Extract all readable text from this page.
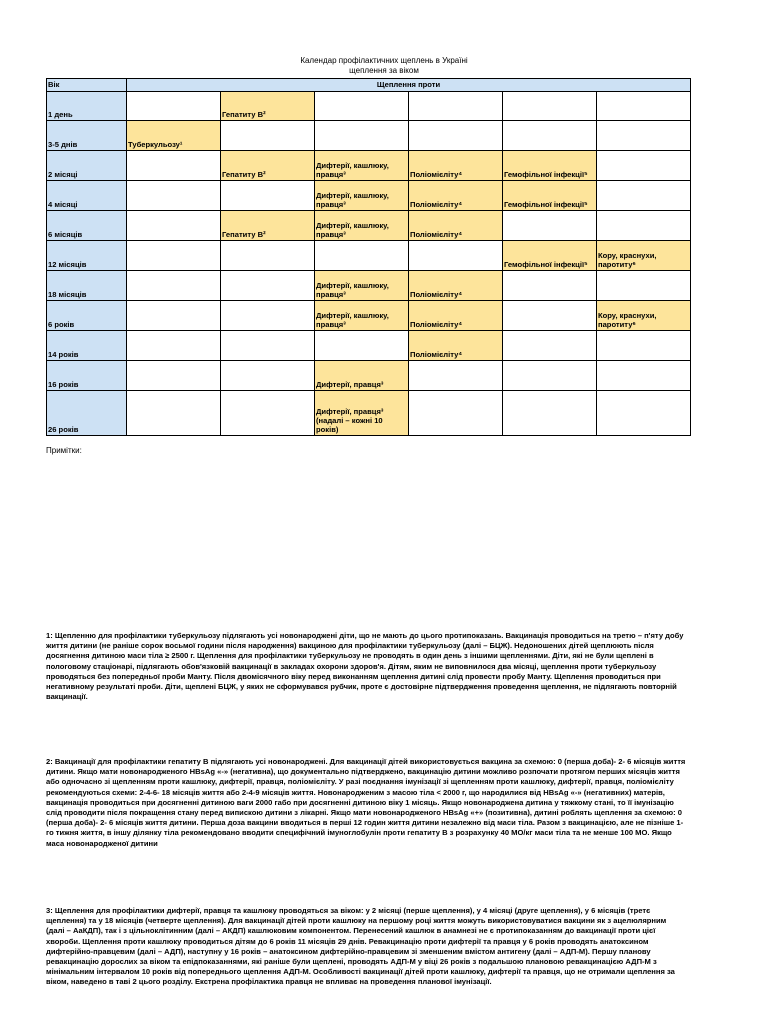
Календар профілактичних щеплень в Україні
щеплення за віком
Вік	Щеплення проти					
1 день		Гепатиту В²				
3-5 днів	Туберкульозу¹					
2 місяці		Гепатиту В²	Дифтерії, кашлюку, правця³	Поліомієліту⁴	Гемофільної інфекції⁵	
4 місяці			Дифтерії, кашлюку, правця³	Поліомієліту⁴	Гемофільної інфекції⁵	
6 місяців		Гепатиту В²	Дифтерії, кашлюку, правця³	Поліомієліту⁴		
12 місяців					Гемофільної інфекції⁵	Кору, краснухи, паротиту⁶
18 місяців			Дифтерії, кашлюку, правця³	Поліомієліту⁴		
6 років			Дифтерії, кашлюку, правця³	Поліомієліту⁴		Кору, краснухи, паротиту⁶
14 років				Поліомієліту⁴		
16 років			Дифтерії, правця³			
26 років			Дифтерії, правця³ (надалі – кожні 10 років)			
Примітки:
1: Щепленню для профілактики туберкульозу підлягають усі новонароджені діти, що не мають до цього протипоказань. Вакцинація проводиться на третю – п'яту добу життя дитини (не раніше сорок восьмої години після народження) вакциною для профілактики туберкульозу (далі – БЦЖ). Недоношених дітей щеплюють після досягнення дитиною маси тіла ≥ 2500 г. Щеплення для профілактики туберкульозу не проводять в один день з іншими щепленнями. Діти, які не були щеплені в пологовому стаціонарі, підлягають обов'язковій вакцинації в закладах охорони здоров'я. Дітям, яким не виповнилося два місяці, щеплення проти туберкульозу проводяться без попередньої проби Манту. Після двомісячного віку перед виконанням щеплення дитині слід провести пробу Манту. Щеплення проводиться при негативному результаті проби. Діти, щеплені БЦЖ, у яких не сформувався рубчик, проте є достовірне підтвердження проведення щеплення, не підлягають повторній вакцинації.
2: Вакцинації для профілактики гепатиту В підлягають усі новонароджені. Для вакцинації дітей використовується вакцина за схемою: 0 (перша доба)- 2- 6 місяців життя дитини. Якщо мати новонародженого HBsAg «-» (негативна), що документально підтверджено, вакцинацію дитини можливо розпочати протягом перших місяців життя або одночасно зі щепленням проти кашлюку, дифтерії, правця, поліомієліту. У разі поєднання імунізації зі щепленням проти кашлюку, дифтерії, правця, поліомієліту рекомендуються схеми: 2-4-6- 18 місяців життя або 2-4-9 місяців життя. Новонародженим з масою тіла < 2000 г, що народилися від HBsAg «-» (негативних) матерів, вакцинація проводиться при досягненні дитиною ваги 2000 габо при досягненні дитиною віку 1 місяць. Якщо новонароджена дитина у тяжкому стані, то її імунізацію слід проводити після покращення стану перед випискою дитини з лікарні. Якщо мати новонародженого HBsAg «+» (позитивна), дитині роблять щеплення за схемою: 0 (перша доба)- 2- 6 місяців життя дитини. Перша доза вакцини вводиться в перші 12 годин життя дитини незалежно від маси тіла. Разом з вакцинацією, але не пізніше 1-го тижня життя, в іншу ділянку тіла рекомендовано вводити специфічний імуноглобулін проти гепатиту В з розрахунку 40 МО/кг маси тіла та не менше 100 МО. Якщо маса новонародженої дитини
3: Щеплення для профілактики дифтерії, правця та кашлюку проводяться за віком: у 2 місяці (перше щеплення), у 4 місяці (друге щеплення), у 6 місяців (третє щеплення) та у 18 місяців (четверте щеплення). Для вакцинації дітей проти кашлюку на першому році життя можуть використовуватися вакцини як з ацелюлярним (далі – АаКДП), так і з цільноклітинним (далі – АКДП) кашлюковим компонентом. Перенесений кашлюк в анамнезі не є протипоказанням до вакцинації проти цієї хвороби. Щеплення проти кашлюку проводиться дітям до 6 років 11 місяців 29 днів. Ревакцинацію проти дифтерії та правця у 6 років проводять анатоксином дифтерійно-правцевим (далі – АДП), наступну у 16 років – анатоксином дифтерійно-правцевим зі зменшеним вмістом антигену (далі – АДП-М). Першу планову ревакцинацію дорослих за віком та епідпоказаннями, які раніше були щеплені, проводять АДП-М у віці 26 років з подальшою плановою ревакцинацією АДП-М з мінімальним інтервалом 10 років від попереднього щеплення АДП-М. Особливості вакцинації дітей проти кашлюку, дифтерії та правця, що не отримали щеплення за віком, наведено в таві 2 цього розділу. Екстрена профілактика правця не впливає на проведення планової імунізації.
